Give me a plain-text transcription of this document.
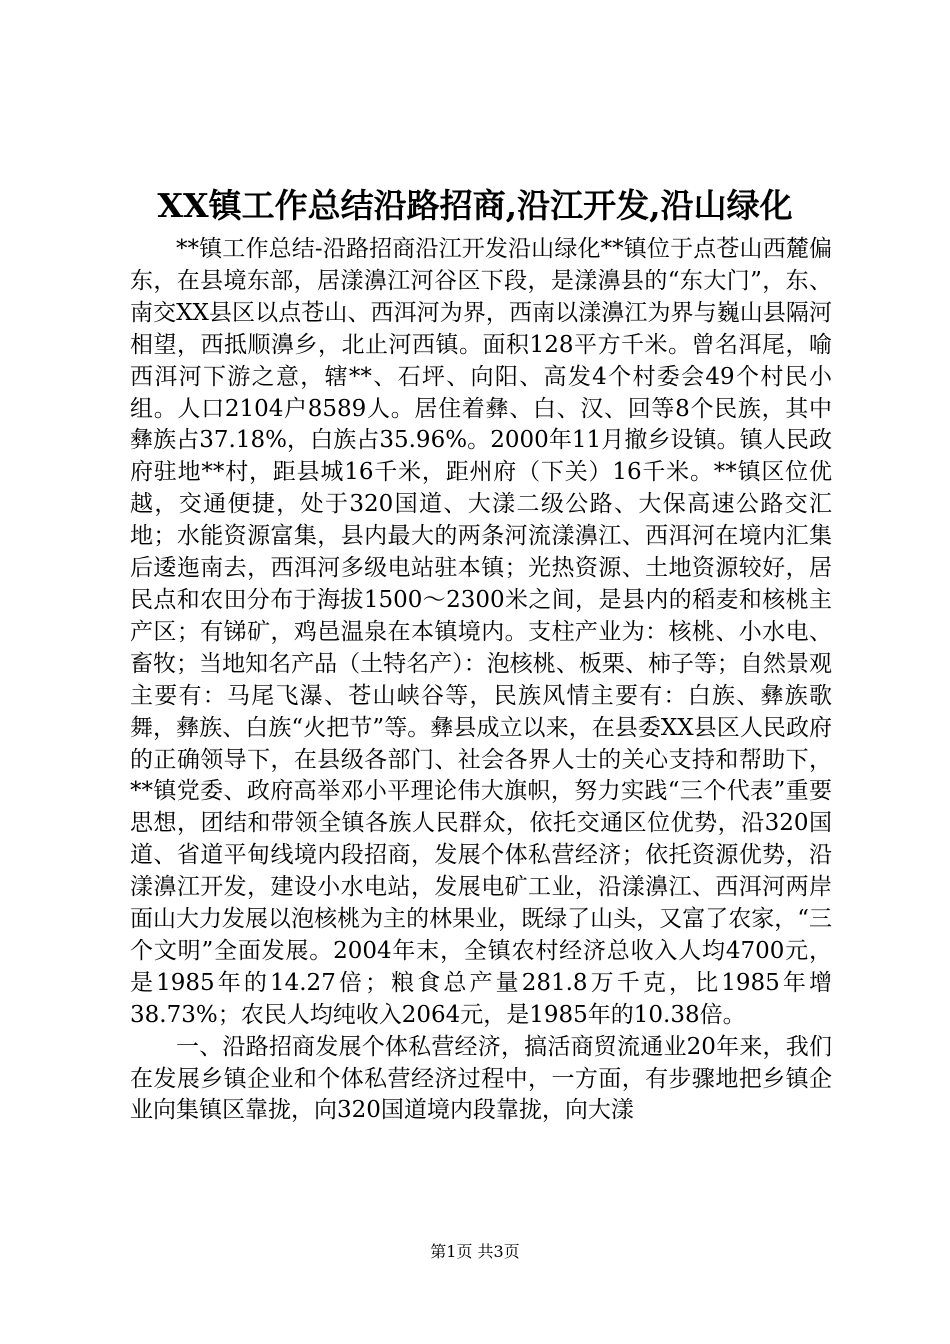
XX镇工作总结沿路招商,沿江开发,沿山绿化

**镇工作总结-沿路招商沿江开发沿山绿化**镇位于点苍山西麓偏东，在县境东部，居漾濞江河谷区下段，是漾濞县的“东大门”，东、南交XX县区以点苍山、西洱河为界，西南以漾濞江为界与巍山县隔河相望，西抵顺濞乡，北止河西镇。面积128平方千米。曾名洱尾，喻西洱河下游之意，辖**、石坪、向阳、高发4个村委会49个村民小组。人口2104户8589人。居住着彝、白、汉、回等8个民族，其中彝族占37.18%，白族占35.96%。2000年11月撤乡设镇。镇人民政府驻地**村，距县城16千米，距州府（下关）16千米。**镇区位优越，交通便捷，处于320国道、大漾二级公路、大保高速公路交汇地；水能资源富集，县内最大的两条河流漾濞江、西洱河在境内汇集后逶迤南去，西洱河多级电站驻本镇；光热资源、土地资源较好，居民点和农田分布于海拔1500～2300米之间，是县内的稻麦和核桃主产区；有锑矿，鸡邑温泉在本镇境内。支柱产业为：核桃、小水电、畜牧；当地知名产品（土特名产）：泡核桃、板栗、柿子等；自然景观主要有：马尾飞瀑、苍山峡谷等，民族风情主要有：白族、彝族歌舞，彝族、白族“火把节”等。彝县成立以来，在县委XX县区人民政府的正确领导下，在县级各部门、社会各界人士的关心支持和帮助下，**镇党委、政府高举邓小平理论伟大旗帜，努力实践“三个代表”重要思想，团结和带领全镇各族人民群众，依托交通区位优势，沿320国道、省道平甸线境内段招商，发展个体私营经济；依托资源优势，沿漾濞江开发，建设小水电站，发展电矿工业，沿漾濞江、西洱河两岸面山大力发展以泡核桃为主的林果业，既绿了山头，又富了农家，“三个文明”全面发展。2004年末，全镇农村经济总收入人均4700元，是1985年的14.27倍；粮食总产量281.8万千克，比1985年增38.73%；农民人均纯收入2064元，是1985年的10.38倍。

一、沿路招商发展个体私营经济，搞活商贸流通业20年来，我们在发展乡镇企业和个体私营经济过程中，一方面，有步骤地把乡镇企业向集镇区靠拢，向320国道境内段靠拢，向大漾

第1页 共3页
